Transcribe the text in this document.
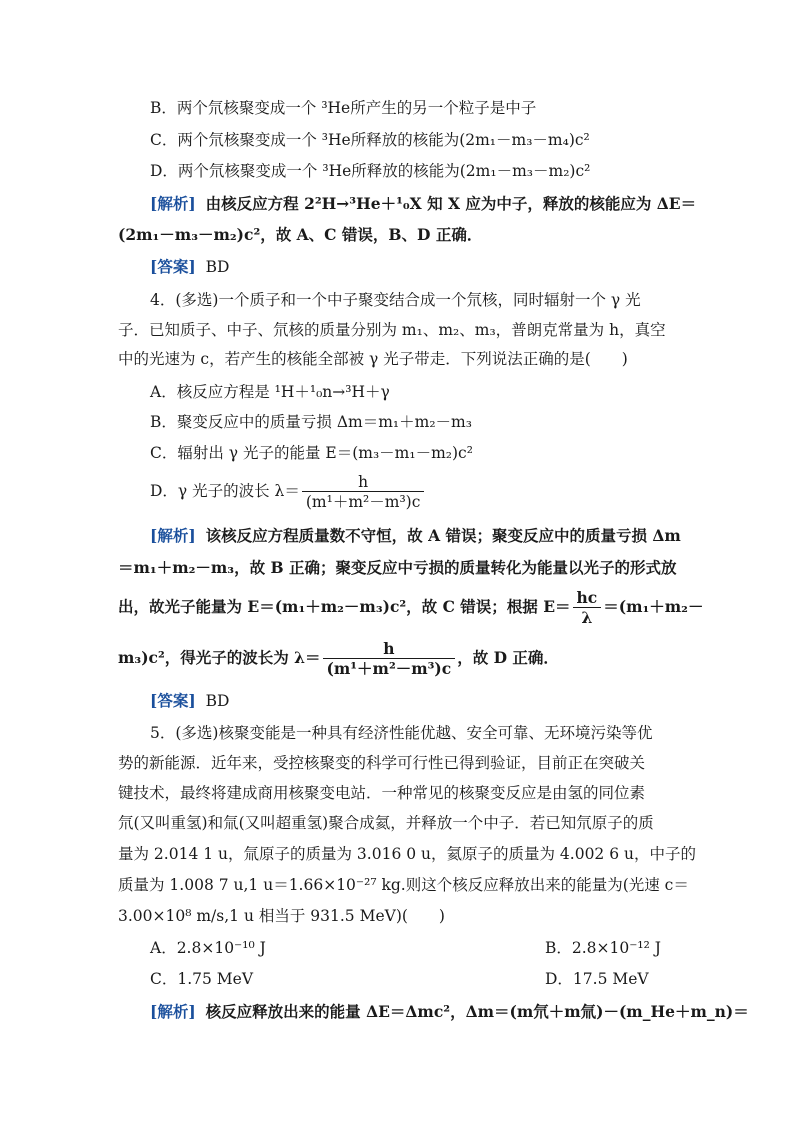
B．两个氘核聚变成一个 ³He所产生的另一个粒子是中子
C．两个氘核聚变成一个 ³He所释放的核能为(2m₁－m₃－m₄)c²
D．两个氘核聚变成一个 ³He所释放的核能为(2m₁－m₃－m₂)c²
[解析] 由核反应方程 2²H→³He＋¹₀X 知 X 应为中子，释放的核能应为 ΔE＝
(2m₁－m₃－m₂)c²，故 A、C 错误，B、D 正确．
[答案] BD
4．(多选)一个质子和一个中子聚变结合成一个氘核，同时辐射一个 γ 光
子．已知质子、中子、氘核的质量分别为 m₁、m₂、m₃，普朗克常量为 h，真空
中的光速为 c，若产生的核能全部被 γ 光子带走．下列说法正确的是(　　)
A．核反应方程是 ¹H＋¹₀n→³H＋γ
B．聚变反应中的质量亏损 Δm＝m₁＋m₂－m₃
C．辐射出 γ 光子的能量 E＝(m₃－m₁－m₂)c²
D．γ 光子的波长 $\lambda= \frac{h}{\text{(m¹＋m²－m³)c}}$
[解析] 该核反应方程质量数不守恒，故 A 错误；聚变反应中的质量亏损 Δm
＝m₁＋m₂－m₃，故 B 正确；聚变反应中亏损的质量转化为能量以光子的形式放
出，故光子能量为 E＝(m₁＋m₂－m₃)c²，故 C 错误；根据 $E= \frac{hc}{\lambda} =(m_1+m_2-$
m₃)c²，得光子的波长为 $\lambda= \frac{h}{\text{(m¹＋m²－m³)c}}$ ，故 D 正确．
[答案] BD
5．(多选)核聚变能是一种具有经济性能优越、安全可靠、无环境污染等优
势的新能源．近年来，受控核聚变的科学可行性已得到验证，目前正在突破关
键技术，最终将建成商用核聚变电站．一种常见的核聚变反应是由氢的同位素
氘(又叫重氢)和氚(又叫超重氢)聚合成氦，并释放一个中子．若已知氘原子的质
量为 2.014 1 u，氚原子的质量为 3.016 0 u，氦原子的质量为 4.002 6 u，中子的
质量为 1.008 7 u,1 u＝1.66×10⁻²⁷ kg.则这个核反应释放出来的能量为(光速 c＝
3.00×10⁸ m/s,1 u 相当于 931.5 MeV)(　　)
A．2.8×10⁻¹⁰ J	B．2.8×10⁻¹² J
C．1.75 MeV	D．17.5 MeV
[解析] 核反应释放出来的能量 ΔE＝Δmc²，Δm＝(m氘＋m氚)－(m_He＋m_n)＝
